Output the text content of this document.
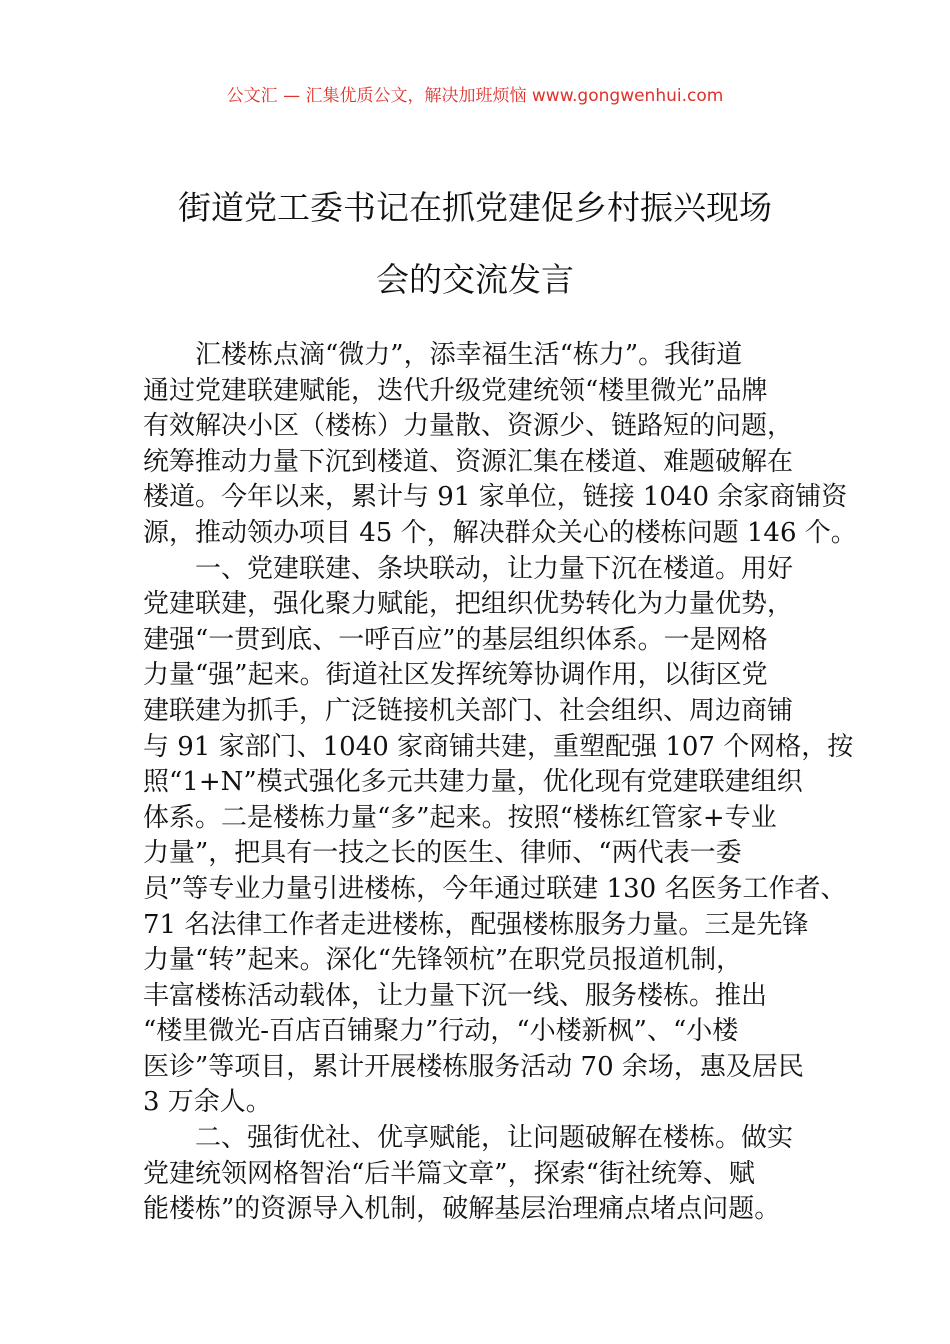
公文汇 — 汇集优质公文，解决加班烦恼 www.gongwenhui.com
街道党工委书记在抓党建促乡村振兴现场
会的交流发言
汇楼栋点滴“微力”，添幸福生活“栋力”。我街道
通过党建联建赋能，迭代升级党建统领“楼里微光”品牌
有效解决小区（楼栋）力量散、资源少、链路短的问题，
统筹推动力量下沉到楼道、资源汇集在楼道、难题破解在
楼道。今年以来，累计与 91 家单位，链接 1040 余家商铺资
源，推动领办项目 45 个，解决群众关心的楼栋问题 146 个。
一、党建联建、条块联动，让力量下沉在楼道。用好
党建联建，强化聚力赋能，把组织优势转化为力量优势，
建强“一贯到底、一呼百应”的基层组织体系。一是网格
力量“强”起来。街道社区发挥统筹协调作用，以街区党
建联建为抓手，广泛链接机关部门、社会组织、周边商铺
与 91 家部门、1040 家商铺共建，重塑配强 107 个网格，按
照“1+N”模式强化多元共建力量，优化现有党建联建组织
体系。二是楼栋力量“多”起来。按照“楼栋红管家+专业
力量”，把具有一技之长的医生、律师、“两代表一委
员”等专业力量引进楼栋，今年通过联建 130 名医务工作者、
71 名法律工作者走进楼栋，配强楼栋服务力量。三是先锋
力量“转”起来。深化“先锋领杭”在职党员报道机制，
丰富楼栋活动载体，让力量下沉一线、服务楼栋。推出
“楼里微光-百店百铺聚力”行动，“小楼新枫”、“小楼
医诊”等项目，累计开展楼栋服务活动 70 余场，惠及居民
3 万余人。
二、强街优社、优享赋能，让问题破解在楼栋。做实
党建统领网格智治“后半篇文章”，探索“街社统筹、赋
能楼栋”的资源导入机制，破解基层治理痛点堵点问题。
